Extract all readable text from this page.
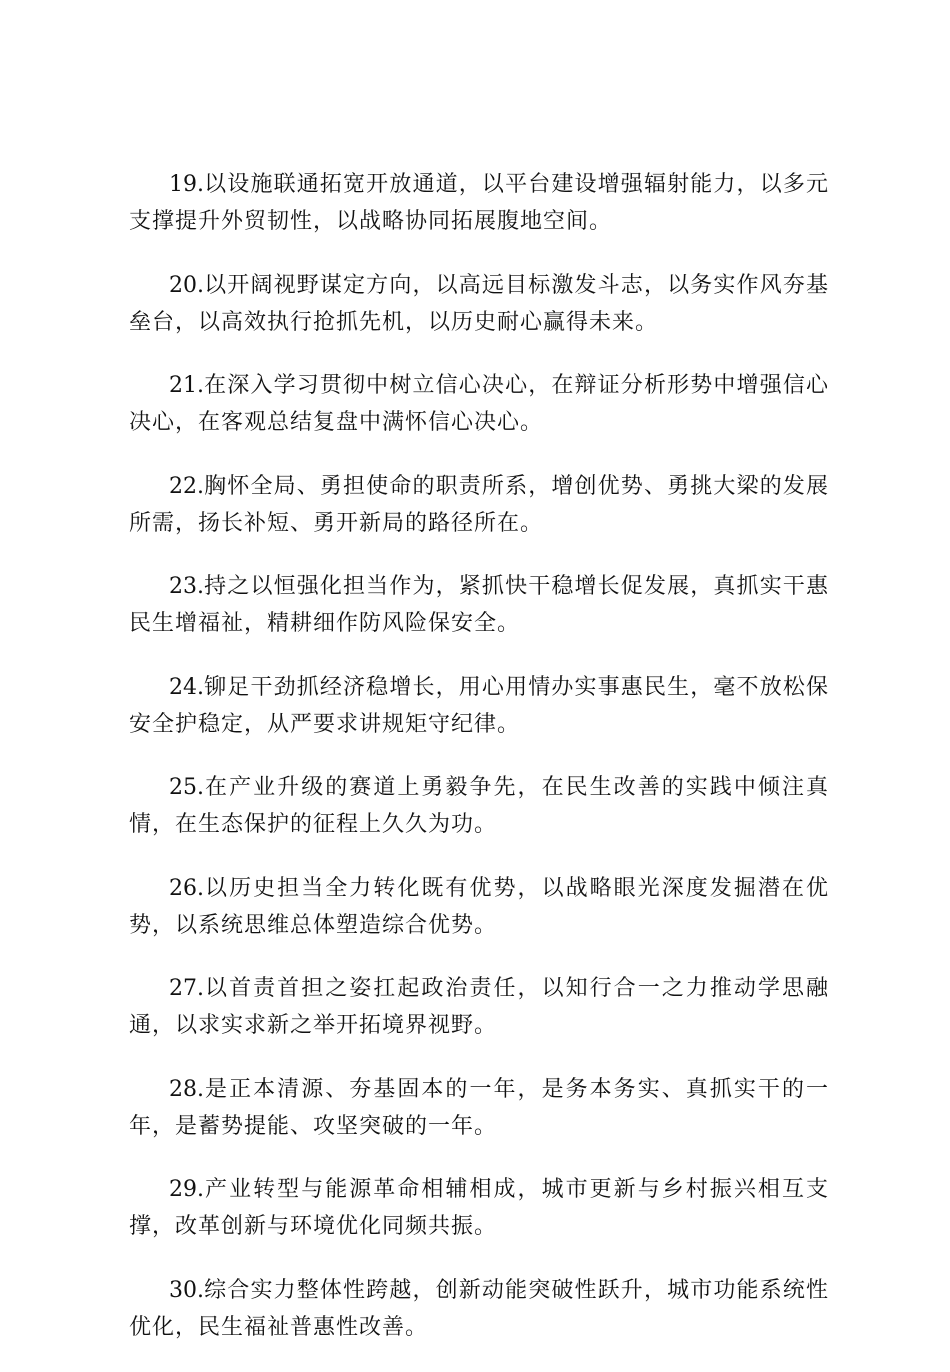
19.以设施联通拓宽开放通道，以平台建设增强辐射能力，以多元支撑提升外贸韧性，以战略协同拓展腹地空间。

20.以开阔视野谋定方向，以高远目标激发斗志，以务实作风夯基垒台，以高效执行抢抓先机，以历史耐心赢得未来。

21.在深入学习贯彻中树立信心决心，在辩证分析形势中增强信心决心，在客观总结复盘中满怀信心决心。

22.胸怀全局、勇担使命的职责所系，增创优势、勇挑大梁的发展所需，扬长补短、勇开新局的路径所在。

23.持之以恒强化担当作为，紧抓快干稳增长促发展，真抓实干惠民生增福祉，精耕细作防风险保安全。

24.铆足干劲抓经济稳增长，用心用情办实事惠民生，毫不放松保安全护稳定，从严要求讲规矩守纪律。

25.在产业升级的赛道上勇毅争先，在民生改善的实践中倾注真情，在生态保护的征程上久久为功。

26.以历史担当全力转化既有优势，以战略眼光深度发掘潜在优势，以系统思维总体塑造综合优势。

27.以首责首担之姿扛起政治责任，以知行合一之力推动学思融通，以求实求新之举开拓境界视野。

28.是正本清源、夯基固本的一年，是务本务实、真抓实干的一年，是蓄势提能、攻坚突破的一年。

29.产业转型与能源革命相辅相成，城市更新与乡村振兴相互支撑，改革创新与环境优化同频共振。

30.综合实力整体性跨越，创新动能突破性跃升，城市功能系统性优化，民生福祉普惠性改善。
